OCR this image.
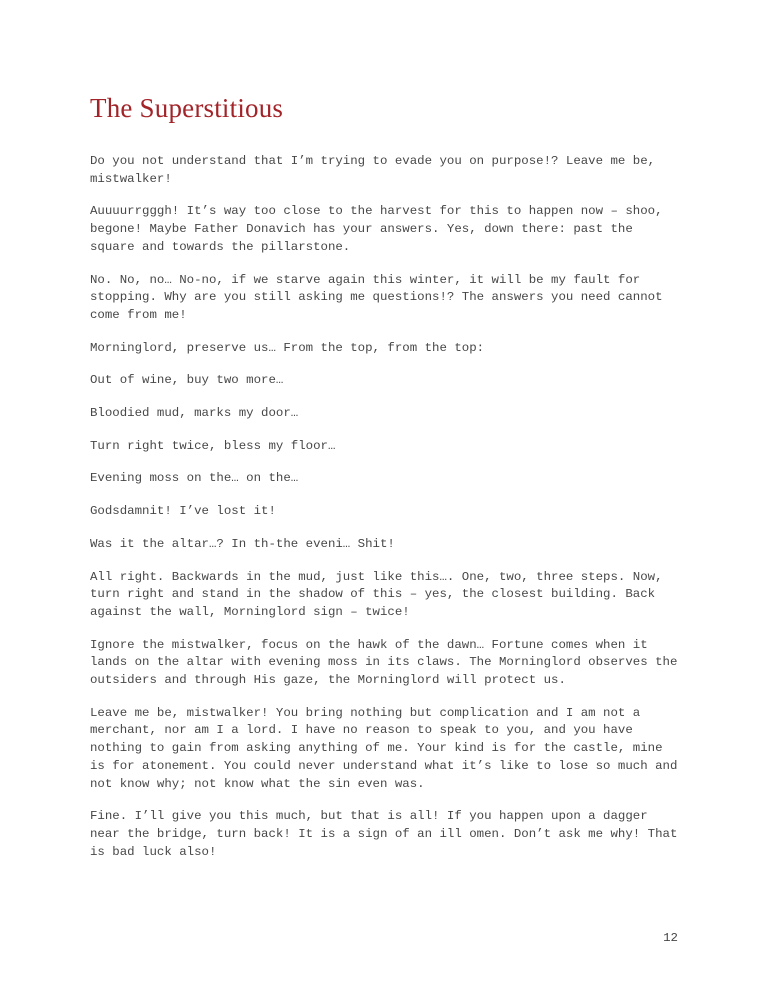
The Superstitious

Do you not understand that I’m trying to evade you on purpose!? Leave me be, mistwalker!

Auuuurrgggh! It’s way too close to the harvest for this to happen now – shoo, begone! Maybe Father Donavich has your answers. Yes, down there: past the square and towards the pillarstone.

No. No, no… No-no, if we starve again this winter, it will be my fault for stopping. Why are you still asking me questions!? The answers you need cannot come from me!

Morninglord, preserve us… From the top, from the top:

Out of wine, buy two more…

Bloodied mud, marks my door…

Turn right twice, bless my floor…

Evening moss on the… on the…

Godsdamnit! I’ve lost it!

Was it the altar…? In th-the eveni… Shit!

All right. Backwards in the mud, just like this…. One, two, three steps. Now, turn right and stand in the shadow of this – yes, the closest building. Back against the wall, Morninglord sign – twice!

Ignore the mistwalker, focus on the hawk of the dawn… Fortune comes when it lands on the altar with evening moss in its claws. The Morninglord observes the outsiders and through His gaze, the Morninglord will protect us.

Leave me be, mistwalker! You bring nothing but complication and I am not a merchant, nor am I a lord. I have no reason to speak to you, and you have nothing to gain from asking anything of me. Your kind is for the castle, mine is for atonement. You could never understand what it’s like to lose so much and not know why; not know what the sin even was.

Fine. I’ll give you this much, but that is all! If you happen upon a dagger near the bridge, turn back! It is a sign of an ill omen. Don’t ask me why! That is bad luck also!

12
